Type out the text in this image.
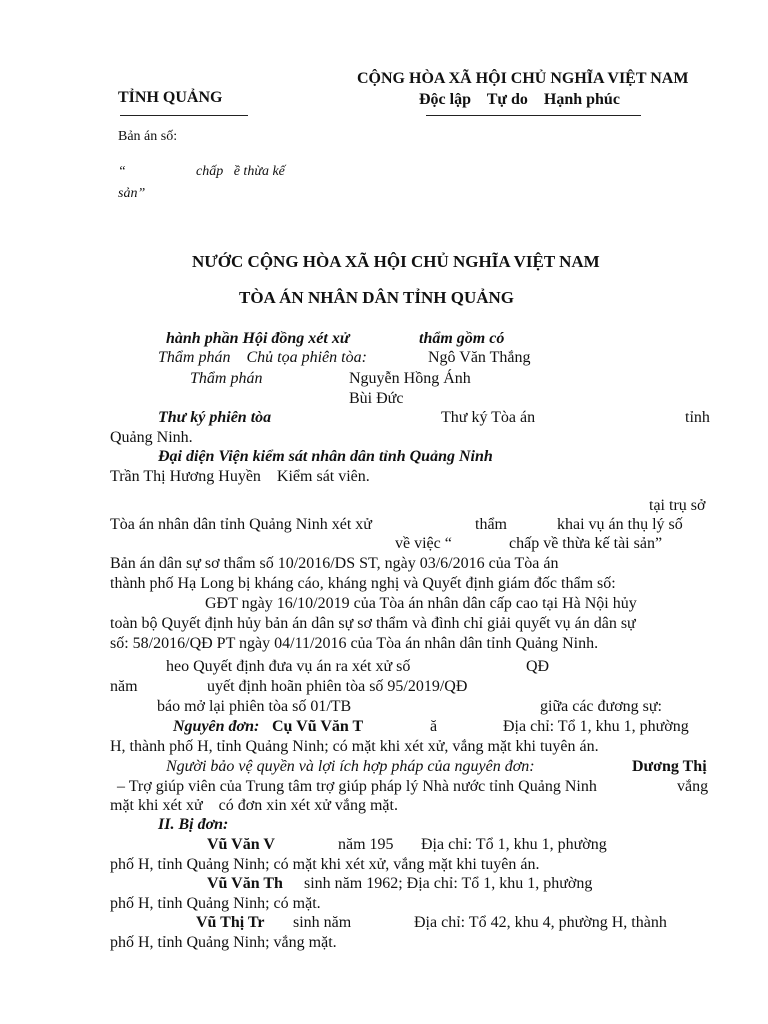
TỈNH QUẢNG
CỘNG HÒA XÃ HỘI CHỦ NGHĨA VIỆT NAM
Độc lập    Tự do    Hạnh phúc
Bản án số:
“	chấp   ề thừa kế
sản”
NƯỚC CỘNG HÒA XÃ HỘI CHỦ NGHĨA VIỆT NAM
TÒA ÁN NHÂN DÂN TỈNH QUẢNG
hành phần Hội đồng xét xử	thẩm gồm có
Thẩm phán    Chủ tọa phiên tòa:	Ngô Văn Thắng
Thẩm phán	Nguyễn Hồng Ánh
Bùi Đức
Thư ký phiên tòa	Thư ký Tòa án	tỉnh
Quảng Ninh.
Đại diện Viện kiểm sát nhân dân tỉnh Quảng Ninh
Trần Thị Hương Huyền    Kiểm sát viên.
tại trụ sở
Tòa án nhân dân tỉnh Quảng Ninh xét xử	thẩm	khai vụ án thụ lý số
về việc “	chấp về thừa kế tài sản”
Bản án dân sự sơ thẩm số 10/2016/DS ST, ngày 03/6/2016 của Tòa án
thành phố Hạ Long bị kháng cáo, kháng nghị và Quyết định giám đốc thẩm số:
GĐT ngày 16/10/2019 của Tòa án nhân dân cấp cao tại Hà Nội hủy
toàn bộ Quyết định hủy bản án dân sự sơ thẩm và đình chỉ giải quyết vụ án dân sự
số: 58/2016/QĐ PT ngày 04/11/2016 của Tòa án nhân dân tỉnh Quảng Ninh.
heo Quyết định đưa vụ án ra xét xử số	QĐ
năm	uyết định hoãn phiên tòa số 95/2019/QĐ
báo mở lại phiên tòa số 01/TB	giữa các đương sự:
Nguyên đơn: Cụ Vũ Văn T	ă	Địa chỉ: Tổ 1, khu 1, phường
H, thành phố H, tỉnh Quảng Ninh; có mặt khi xét xử, vắng mặt khi tuyên án.
Người bảo vệ quyền và lợi ích hợp pháp của nguyên đơn:	Dương Thị
– Trợ giúp viên của Trung tâm trợ giúp pháp lý Nhà nước tỉnh Quảng Ninh	vắng
mặt khi xét xử    có đơn xin xét xử vắng mặt.
II. Bị đơn:
Vũ Văn V	năm 195 Địa chỉ: Tổ 1, khu 1, phường
phố H, tỉnh Quảng Ninh; có mặt khi xét xử, vắng mặt khi tuyên án.
Vũ Văn Th sinh năm 1962; Địa chỉ: Tổ 1, khu 1, phường
phố H, tỉnh Quảng Ninh; có mặt.
Vũ Thị Tr sinh năm	Địa chỉ: Tổ 42, khu 4, phường H, thành
phố H, tỉnh Quảng Ninh; vắng mặt.
